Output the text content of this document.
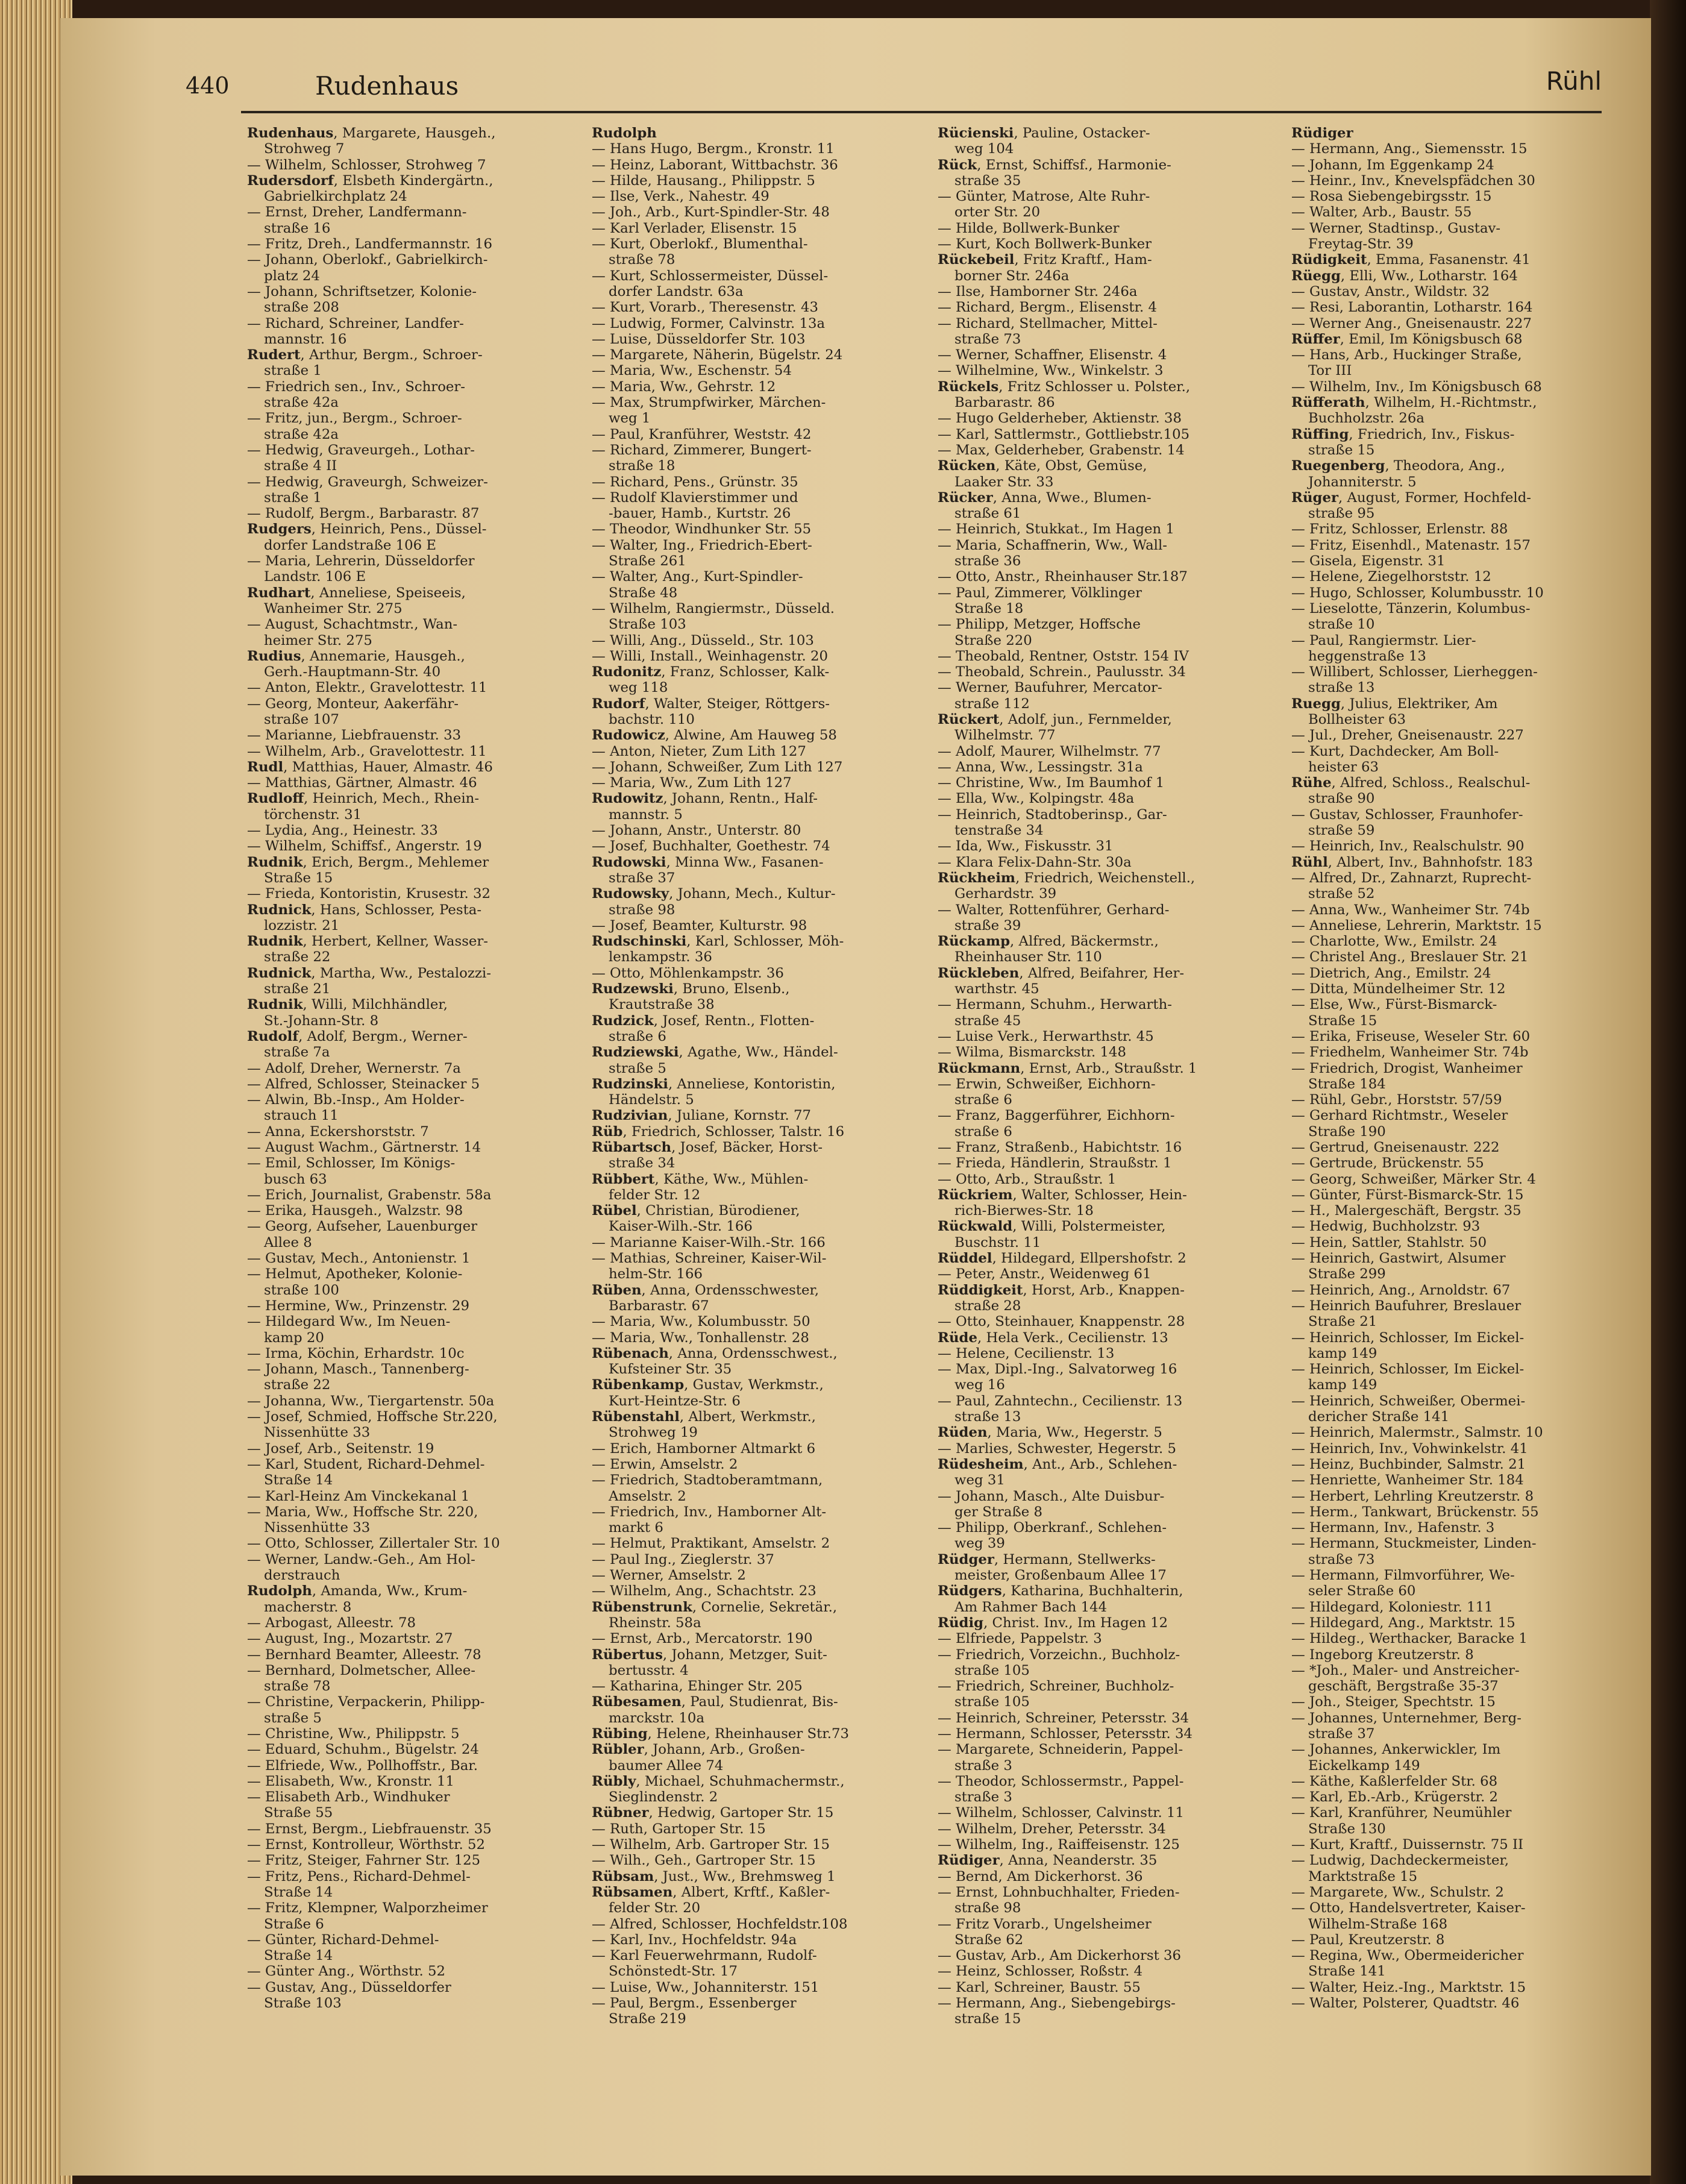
440	Rudenhaus	Rühl
Rudenhaus, Margarete, Hausgeh.,
Strohweg 7
— Wilhelm, Schlosser, Strohweg 7
Rudersdorf, Elsbeth Kindergärtn.,
Gabrielkirchplatz 24
— Ernst, Dreher, Landfermann-
straße 16
— Fritz, Dreh., Landfermannstr. 16
— Johann, Oberlokf., Gabrielkirch-
platz 24
— Johann, Schriftsetzer, Kolonie-
straße 208
— Richard, Schreiner, Landfer-
mannstr. 16
Rudert, Arthur, Bergm., Schroer-
straße 1
— Friedrich sen., Inv., Schroer-
straße 42a
— Fritz, jun., Bergm., Schroer-
straße 42a
— Hedwig, Graveurgeh., Lothar-
straße 4 II
— Hedwig, Graveurgh, Schweizer-
straße 1
— Rudolf, Bergm., Barbarastr. 87
Rudgers, Heinrich, Pens., Düssel-
dorfer Landstraße 106 E
— Maria, Lehrerin, Düsseldorfer
Landstr. 106 E
Rudhart, Anneliese, Speiseeis,
Wanheimer Str. 275
— August, Schachtmstr., Wan-
heimer Str. 275
Rudius, Annemarie, Hausgeh.,
Gerh.-Hauptmann-Str. 40
— Anton, Elektr., Gravelottestr. 11
— Georg, Monteur, Aakerfähr-
straße 107
— Marianne, Liebfrauenstr. 33
— Wilhelm, Arb., Gravelottestr. 11
Rudl, Matthias, Hauer, Almastr. 46
— Matthias, Gärtner, Almastr. 46
Rudloff, Heinrich, Mech., Rhein-
törchenstr. 31
— Lydia, Ang., Heinestr. 33
— Wilhelm, Schiffsf., Angerstr. 19
Rudnik, Erich, Bergm., Mehlemer
Straße 15
— Frieda, Kontoristin, Krusestr. 32
Rudnick, Hans, Schlosser, Pesta-
lozzistr. 21
Rudnik, Herbert, Kellner, Wasser-
straße 22
Rudnick, Martha, Ww., Pestalozzi-
straße 21
Rudnik, Willi, Milchhändler,
St.-Johann-Str. 8
Rudolf, Adolf, Bergm., Werner-
straße 7a
— Adolf, Dreher, Wernerstr. 7a
— Alfred, Schlosser, Steinacker 5
— Alwin, Bb.-Insp., Am Holder-
strauch 11
— Anna, Eckershorststr. 7
— August Wachm., Gärtnerstr. 14
— Emil, Schlosser, Im Königs-
busch 63
— Erich, Journalist, Grabenstr. 58a
— Erika, Hausgeh., Walzstr. 98
— Georg, Aufseher, Lauenburger
Allee 8
— Gustav, Mech., Antonienstr. 1
— Helmut, Apotheker, Kolonie-
straße 100
— Hermine, Ww., Prinzenstr. 29
— Hildegard Ww., Im Neuen-
kamp 20
— Irma, Köchin, Erhardstr. 10c
— Johann, Masch., Tannenberg-
straße 22
— Johanna, Ww., Tiergartenstr. 50a
— Josef, Schmied, Hoffsche Str.220,
Nissenhütte 33
— Josef, Arb., Seitenstr. 19
— Karl, Student, Richard-Dehmel-
Straße 14
— Karl-Heinz Am Vinckekanal 1
— Maria, Ww., Hoffsche Str. 220,
Nissenhütte 33
— Otto, Schlosser, Zillertaler Str. 10
— Werner, Landw.-Geh., Am Hol-
derstrauch
Rudolph, Amanda, Ww., Krum-
macherstr. 8
— Arbogast, Alleestr. 78
— August, Ing., Mozartstr. 27
— Bernhard Beamter, Alleestr. 78
— Bernhard, Dolmetscher, Allee-
straße 78
— Christine, Verpackerin, Philipp-
straße 5
— Christine, Ww., Philippstr. 5
— Eduard, Schuhm., Bügelstr. 24
— Elfriede, Ww., Pollhoffstr., Bar.
— Elisabeth, Ww., Kronstr. 11
— Elisabeth Arb., Windhuker
Straße 55
— Ernst, Bergm., Liebfrauenstr. 35
— Ernst, Kontrolleur, Wörthstr. 52
— Fritz, Steiger, Fahrner Str. 125
— Fritz, Pens., Richard-Dehmel-
Straße 14
— Fritz, Klempner, Walporzheimer
Straße 6
— Günter, Richard-Dehmel-
Straße 14
— Günter Ang., Wörthstr. 52
— Gustav, Ang., Düsseldorfer
Straße 103
Rudolph
— Hans Hugo, Bergm., Kronstr. 11
— Heinz, Laborant, Wittbachstr. 36
— Hilde, Hausang., Philippstr. 5
— Ilse, Verk., Nahestr. 49
— Joh., Arb., Kurt-Spindler-Str. 48
— Karl Verlader, Elisenstr. 15
— Kurt, Oberlokf., Blumenthal-
straße 78
— Kurt, Schlossermeister, Düssel-
dorfer Landstr. 63a
— Kurt, Vorarb., Theresenstr. 43
— Ludwig, Former, Calvinstr. 13a
— Luise, Düsseldorfer Str. 103
— Margarete, Näherin, Bügelstr. 24
— Maria, Ww., Eschenstr. 54
— Maria, Ww., Gehrstr. 12
— Max, Strumpfwirker, Märchen-
weg 1
— Paul, Kranführer, Weststr. 42
— Richard, Zimmerer, Bungert-
straße 18
— Richard, Pens., Grünstr. 35
— Rudolf Klavierstimmer und
-bauer, Hamb., Kurtstr. 26
— Theodor, Windhunker Str. 55
— Walter, Ing., Friedrich-Ebert-
Straße 261
— Walter, Ang., Kurt-Spindler-
Straße 48
— Wilhelm, Rangiermstr., Düsseld.
Straße 103
— Willi, Ang., Düsseld., Str. 103
— Willi, Install., Weinhagenstr. 20
Rudonitz, Franz, Schlosser, Kalk-
weg 118
Rudorf, Walter, Steiger, Röttgers-
bachstr. 110
Rudowicz, Alwine, Am Hauweg 58
— Anton, Nieter, Zum Lith 127
— Johann, Schweißer, Zum Lith 127
— Maria, Ww., Zum Lith 127
Rudowitz, Johann, Rentn., Half-
mannstr. 5
— Johann, Anstr., Unterstr. 80
— Josef, Buchhalter, Goethestr. 74
Rudowski, Minna Ww., Fasanen-
straße 37
Rudowsky, Johann, Mech., Kultur-
straße 98
— Josef, Beamter, Kulturstr. 98
Rudschinski, Karl, Schlosser, Möh-
lenkampstr. 36
— Otto, Möhlenkampstr. 36
Rudzewski, Bruno, Elsenb.,
Krautstraße 38
Rudzick, Josef, Rentn., Flotten-
straße 6
Rudziewski, Agathe, Ww., Händel-
straße 5
Rudzinski, Anneliese, Kontoristin,
Händelstr. 5
Rudzivian, Juliane, Kornstr. 77
Rüb, Friedrich, Schlosser, Talstr. 16
Rübartsch, Josef, Bäcker, Horst-
straße 34
Rübbert, Käthe, Ww., Mühlen-
felder Str. 12
Rübel, Christian, Bürodiener,
Kaiser-Wilh.-Str. 166
— Marianne Kaiser-Wilh.-Str. 166
— Mathias, Schreiner, Kaiser-Wil-
helm-Str. 166
Rüben, Anna, Ordensschwester,
Barbarastr. 67
— Maria, Ww., Kolumbusstr. 50
— Maria, Ww., Tonhallenstr. 28
Rübenach, Anna, Ordensschwest.,
Kufsteiner Str. 35
Rübenkamp, Gustav, Werkmstr.,
Kurt-Heintze-Str. 6
Rübenstahl, Albert, Werkmstr.,
Strohweg 19
— Erich, Hamborner Altmarkt 6
— Erwin, Amselstr. 2
— Friedrich, Stadtoberamtmann,
Amselstr. 2
— Friedrich, Inv., Hamborner Alt-
markt 6
— Helmut, Praktikant, Amselstr. 2
— Paul Ing., Zieglerstr. 37
— Werner, Amselstr. 2
— Wilhelm, Ang., Schachtstr. 23
Rübenstrunk, Cornelie, Sekretär.,
Rheinstr. 58a
— Ernst, Arb., Mercatorstr. 190
Rübertus, Johann, Metzger, Suit-
bertusstr. 4
— Katharina, Ehinger Str. 205
Rübesamen, Paul, Studienrat, Bis-
marckstr. 10a
Rübing, Helene, Rheinhauser Str.73
Rübler, Johann, Arb., Großen-
baumer Allee 74
Rübly, Michael, Schuhmachermstr.,
Sieglindenstr. 2
Rübner, Hedwig, Gartoper Str. 15
— Ruth, Gartoper Str. 15
— Wilhelm, Arb. Gartroper Str. 15
— Wilh., Geh., Gartroper Str. 15
Rübsam, Just., Ww., Brehmsweg 1
Rübsamen, Albert, Krftf., Kaßler-
felder Str. 20
— Alfred, Schlosser, Hochfeldstr.108
— Karl, Inv., Hochfeldstr. 94a
— Karl Feuerwehrmann, Rudolf-
Schönstedt-Str. 17
— Luise, Ww., Johanniterstr. 151
— Paul, Bergm., Essenberger
Straße 219
Rücienski, Pauline, Ostacker-
weg 104
Rück, Ernst, Schiffsf., Harmonie-
straße 35
— Günter, Matrose, Alte Ruhr-
orter Str. 20
— Hilde, Bollwerk-Bunker
— Kurt, Koch Bollwerk-Bunker
Rückebeil, Fritz Kraftf., Ham-
borner Str. 246a
— Ilse, Hamborner Str. 246a
— Richard, Bergm., Elisenstr. 4
— Richard, Stellmacher, Mittel-
straße 73
— Werner, Schaffner, Elisenstr. 4
— Wilhelmine, Ww., Winkelstr. 3
Rückels, Fritz Schlosser u. Polster.,
Barbarastr. 86
— Hugo Gelderheber, Aktienstr. 38
— Karl, Sattlermstr., Gottliebstr.105
— Max, Gelderheber, Grabenstr. 14
Rücken, Käte, Obst, Gemüse,
Laaker Str. 33
Rücker, Anna, Wwe., Blumen-
straße 61
— Heinrich, Stukkat., Im Hagen 1
— Maria, Schaffnerin, Ww., Wall-
straße 36
— Otto, Anstr., Rheinhauser Str.187
— Paul, Zimmerer, Völklinger
Straße 18
— Philipp, Metzger, Hoffsche
Straße 220
— Theobald, Rentner, Oststr. 154 IV
— Theobald, Schrein., Paulusstr. 34
— Werner, Baufuhrer, Mercator-
straße 112
Rückert, Adolf, jun., Fernmelder,
Wilhelmstr. 77
— Adolf, Maurer, Wilhelmstr. 77
— Anna, Ww., Lessingstr. 31a
— Christine, Ww., Im Baumhof 1
— Ella, Ww., Kolpingstr. 48a
— Heinrich, Stadtoberinsp., Gar-
tenstraße 34
— Ida, Ww., Fiskusstr. 31
— Klara Felix-Dahn-Str. 30a
Rückheim, Friedrich, Weichenstell.,
Gerhardstr. 39
— Walter, Rottenführer, Gerhard-
straße 39
Rückamp, Alfred, Bäckermstr.,
Rheinhauser Str. 110
Rückleben, Alfred, Beifahrer, Her-
warthstr. 45
— Hermann, Schuhm., Herwarth-
straße 45
— Luise Verk., Herwarthstr. 45
— Wilma, Bismarckstr. 148
Rückmann, Ernst, Arb., Straußstr. 1
— Erwin, Schweißer, Eichhorn-
straße 6
— Franz, Baggerführer, Eichhorn-
straße 6
— Franz, Straßenb., Habichtstr. 16
— Frieda, Händlerin, Straußstr. 1
— Otto, Arb., Straußstr. 1
Rückriem, Walter, Schlosser, Hein-
rich-Bierwes-Str. 18
Rückwald, Willi, Polstermeister,
Buschstr. 11
Rüddel, Hildegard, Ellpershofstr. 2
— Peter, Anstr., Weidenweg 61
Rüddigkeit, Horst, Arb., Knappen-
straße 28
— Otto, Steinhauer, Knappenstr. 28
Rüde, Hela Verk., Cecilienstr. 13
— Helene, Cecilienstr. 13
— Max, Dipl.-Ing., Salvatorweg 16
weg 16
— Paul, Zahntechn., Cecilienstr. 13
straße 13
Rüden, Maria, Ww., Hegerstr. 5
— Marlies, Schwester, Hegerstr. 5
Rüdesheim, Ant., Arb., Schlehen-
weg 31
— Johann, Masch., Alte Duisbur-
ger Straße 8
— Philipp, Oberkranf., Schlehen-
weg 39
Rüdger, Hermann, Stellwerks-
meister, Großenbaum Allee 17
Rüdgers, Katharina, Buchhalterin,
Am Rahmer Bach 144
Rüdig, Christ. Inv., Im Hagen 12
— Elfriede, Pappelstr. 3
— Friedrich, Vorzeichn., Buchholz-
straße 105
— Friedrich, Schreiner, Buchholz-
straße 105
— Heinrich, Schreiner, Petersstr. 34
— Hermann, Schlosser, Petersstr. 34
— Margarete, Schneiderin, Pappel-
straße 3
— Theodor, Schlossermstr., Pappel-
straße 3
— Wilhelm, Schlosser, Calvinstr. 11
— Wilhelm, Dreher, Petersstr. 34
— Wilhelm, Ing., Raiffeisenstr. 125
Rüdiger, Anna, Neanderstr. 35
— Bernd, Am Dickerhorst. 36
— Ernst, Lohnbuchhalter, Frieden-
straße 98
— Fritz Vorarb., Ungelsheimer
Straße 62
— Gustav, Arb., Am Dickerhorst 36
— Heinz, Schlosser, Roßstr. 4
— Karl, Schreiner, Baustr. 55
— Hermann, Ang., Siebengebirgs-
straße 15
Rüdiger
— Hermann, Ang., Siemensstr. 15
— Johann, Im Eggenkamp 24
— Heinr., Inv., Knevelspfädchen 30
— Rosa Siebengebirgsstr. 15
— Walter, Arb., Baustr. 55
— Werner, Stadtinsp., Gustav-
Freytag-Str. 39
Rüdigkeit, Emma, Fasanenstr. 41
Rüegg, Elli, Ww., Lotharstr. 164
— Gustav, Anstr., Wildstr. 32
— Resi, Laborantin, Lotharstr. 164
— Werner Ang., Gneisenaustr. 227
Rüffer, Emil, Im Königsbusch 68
— Hans, Arb., Huckinger Straße,
Tor III
— Wilhelm, Inv., Im Königsbusch 68
Rüfferath, Wilhelm, H.-Richtmstr.,
Buchholzstr. 26a
Rüffing, Friedrich, Inv., Fiskus-
straße 15
Ruegenberg, Theodora, Ang.,
Johanniterstr. 5
Rüger, August, Former, Hochfeld-
straße 95
— Fritz, Schlosser, Erlenstr. 88
— Fritz, Eisenhdl., Matenastr. 157
— Gisela, Eigenstr. 31
— Helene, Ziegelhorststr. 12
— Hugo, Schlosser, Kolumbusstr. 10
— Lieselotte, Tänzerin, Kolumbus-
straße 10
— Paul, Rangiermstr. Lier-
heggenstraße 13
— Willibert, Schlosser, Lierheggen-
straße 13
Ruegg, Julius, Elektriker, Am
Bollheister 63
— Jul., Dreher, Gneisenaustr. 227
— Kurt, Dachdecker, Am Boll-
heister 63
Rühe, Alfred, Schloss., Realschul-
straße 90
— Gustav, Schlosser, Fraunhofer-
straße 59
— Heinrich, Inv., Realschulstr. 90
Rühl, Albert, Inv., Bahnhofstr. 183
— Alfred, Dr., Zahnarzt, Ruprecht-
straße 52
— Anna, Ww., Wanheimer Str. 74b
— Anneliese, Lehrerin, Marktstr. 15
— Charlotte, Ww., Emilstr. 24
— Christel Ang., Breslauer Str. 21
— Dietrich, Ang., Emilstr. 24
— Ditta, Mündelheimer Str. 12
— Else, Ww., Fürst-Bismarck-
Straße 15
— Erika, Friseuse, Weseler Str. 60
— Friedhelm, Wanheimer Str. 74b
— Friedrich, Drogist, Wanheimer
Straße 184
— Rühl, Gebr., Horststr. 57/59
— Gerhard Richtmstr., Weseler
Straße 190
— Gertrud, Gneisenaustr. 222
— Gertrude, Brückenstr. 55
— Georg, Schweißer, Märker Str. 4
— Günter, Fürst-Bismarck-Str. 15
— H., Malergeschäft, Bergstr. 35
— Hedwig, Buchholzstr. 93
— Hein, Sattler, Stahlstr. 50
— Heinrich, Gastwirt, Alsumer
Straße 299
— Heinrich, Ang., Arnoldstr. 67
— Heinrich Baufuhrer, Breslauer
Straße 21
— Heinrich, Schlosser, Im Eickel-
kamp 149
— Heinrich, Schlosser, Im Eickel-
kamp 149
— Heinrich, Schweißer, Obermei-
dericher Straße 141
— Heinrich, Malermstr., Salmstr. 10
— Heinrich, Inv., Vohwinkelstr. 41
— Heinz, Buchbinder, Salmstr. 21
— Henriette, Wanheimer Str. 184
— Herbert, Lehrling Kreutzerstr. 8
— Herm., Tankwart, Brückenstr. 55
— Hermann, Inv., Hafenstr. 3
— Hermann, Stuckmeister, Linden-
straße 73
— Hermann, Filmvorführer, We-
seler Straße 60
— Hildegard, Koloniestr. 111
— Hildegard, Ang., Marktstr. 15
— Hildeg., Werthacker, Baracke 1
— Ingeborg Kreutzerstr. 8
— *Joh., Maler- und Anstreicher-
geschäft, Bergstraße 35-37
— Joh., Steiger, Spechtstr. 15
— Johannes, Unternehmer, Berg-
straße 37
— Johannes, Ankerwickler, Im
Eickelkamp 149
— Käthe, Kaßlerfelder Str. 68
— Karl, Eb.-Arb., Krügerstr. 2
— Karl, Kranführer, Neumühler
Straße 130
— Kurt, Kraftf., Duissernstr. 75 II
— Ludwig, Dachdeckermeister,
Marktstraße 15
— Margarete, Ww., Schulstr. 2
— Otto, Handelsvertreter, Kaiser-
Wilhelm-Straße 168
— Paul, Kreutzerstr. 8
— Regina, Ww., Obermeidericher
Straße 141
— Walter, Heiz.-Ing., Marktstr. 15
— Walter, Polsterer, Quadtstr. 46
